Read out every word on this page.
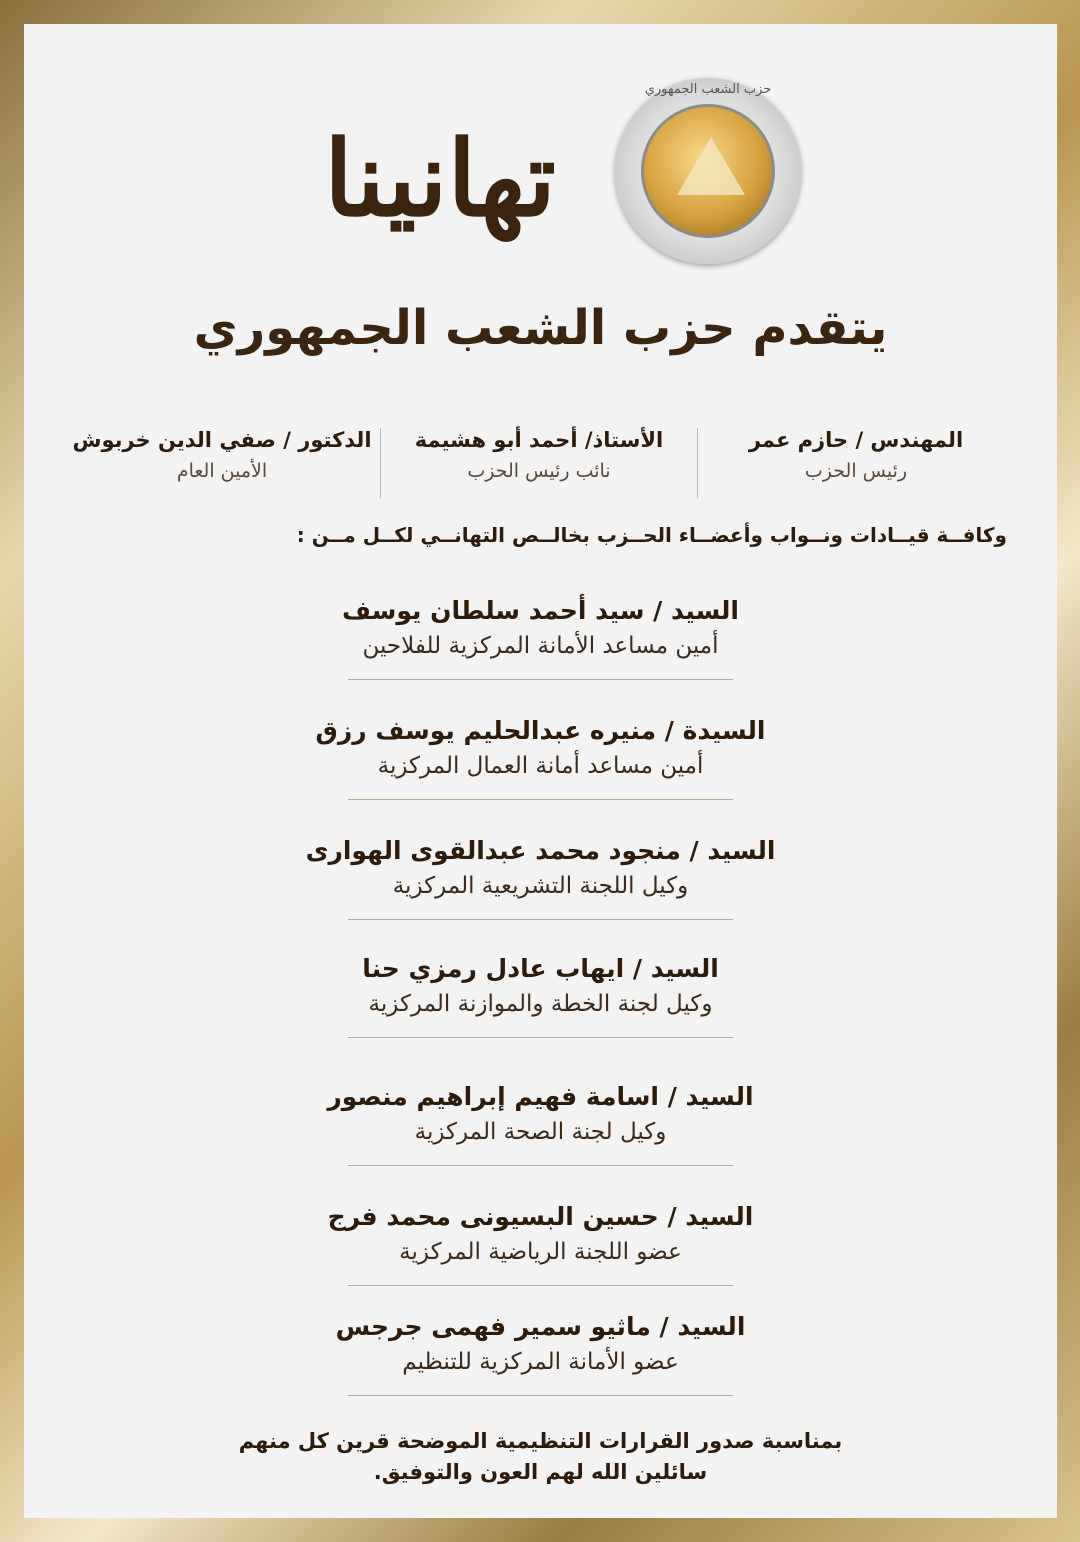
حزب الشعب الجمهوري
تهانينا
يتقدم حزب الشعب الجمهوري
المهندس / حازم عمر
رئيس الحزب
الأستاذ/ أحمد أبو هشيمة
نائب رئيس الحزب
الدكتور / صفي الدين خربوش
الأمين العام
وكافــة قيــادات ونــواب وأعضــاء الحــزب بخالــص التهانــي لكــل مــن :
السيد / سيد أحمد سلطان يوسف
أمين مساعد الأمانة المركزية للفلاحين
السيدة / منيره عبدالحليم يوسف رزق
أمين مساعد أمانة العمال المركزية
السيد / منجود محمد عبدالقوى الهوارى
وكيل اللجنة التشريعية المركزية
السيد / ايهاب عادل رمزي حنا
وكيل لجنة الخطة والموازنة المركزية
السيد / اسامة فهيم إبراهيم منصور
وكيل لجنة الصحة المركزية
السيد / حسين البسيونى محمد فرج
عضو اللجنة الرياضية المركزية
السيد / ماثيو سمير فهمى جرجس
عضو الأمانة المركزية للتنظيم
بمناسبة صدور القرارات التنظيمية الموضحة قرين كل منهم
سائلين الله لهم العون والتوفيق.
